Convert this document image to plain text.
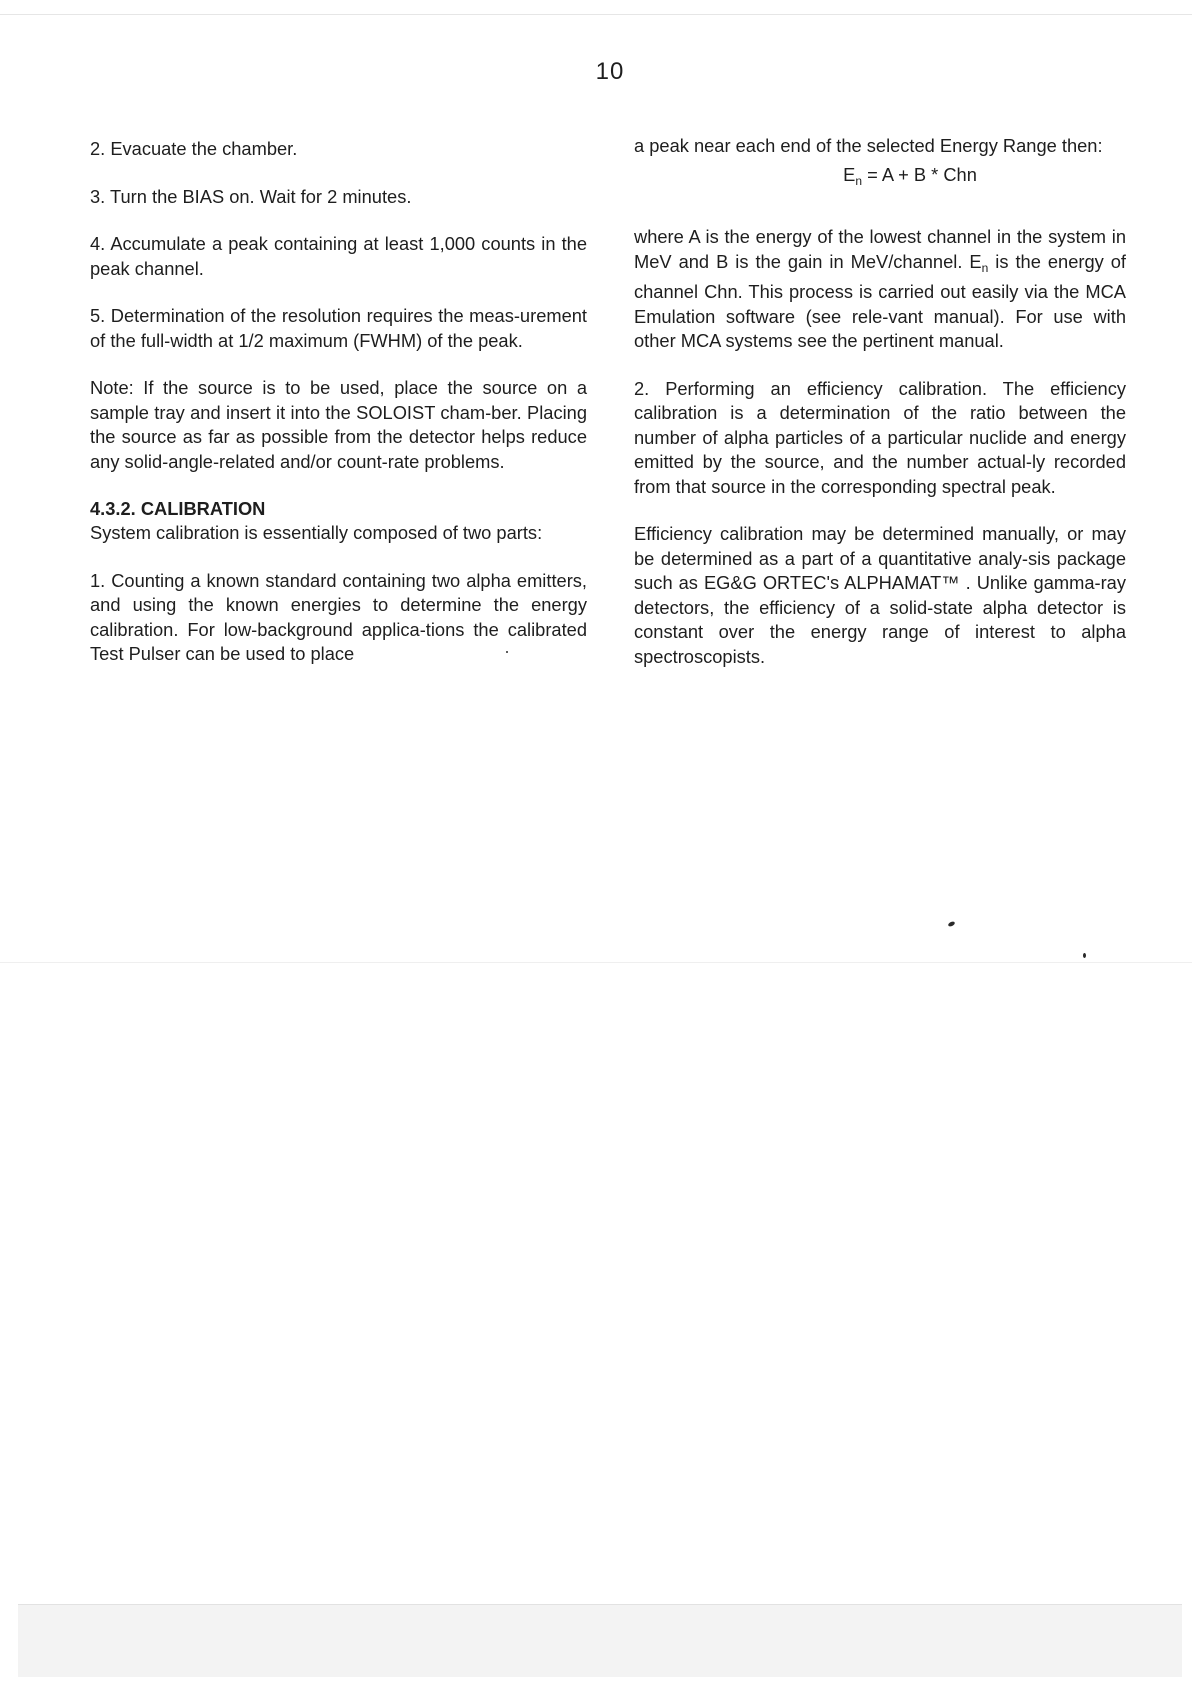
10

2. Evacuate the chamber.

3. Turn the BIAS on. Wait for 2 minutes.

4. Accumulate a peak containing at least 1,000 counts in the peak channel.

5. Determination of the resolution requires the meas-urement of the full-width at 1/2 maximum (FWHM) of the peak.

Note: If the source is to be used, place the source on a sample tray and insert it into the SOLOIST cham-ber. Placing the source as far as possible from the detector helps reduce any solid-angle-related and/or count-rate problems.

4.3.2. CALIBRATION

System calibration is essentially composed of two parts:

1. Counting a known standard containing two alpha emitters, and using the known energies to determine the energy calibration. For low-background applica-tions the calibrated Test Pulser can be used to place

a peak near each end of the selected Energy Range then:

$E_n = A + B$ * Chn

where A is the energy of the lowest channel in the system in MeV and B is the gain in MeV/channel. $E_n$ is the energy of channel Chn. This process is carried out easily via the MCA Emulation software (see rele-vant manual). For use with other MCA systems see the pertinent manual.

2. Performing an efficiency calibration. The efficiency calibration is a determination of the ratio between the number of alpha particles of a particular nuclide and energy emitted by the source, and the number actual-ly recorded from that source in the corresponding spectral peak.

Efficiency calibration may be determined manually, or may be determined as a part of a quantitative analy-sis package such as EG&G ORTEC's ALPHAMAT™ . Unlike gamma-ray detectors, the efficiency of a solid-state alpha detector is constant over the energy range of interest to alpha spectroscopists.
